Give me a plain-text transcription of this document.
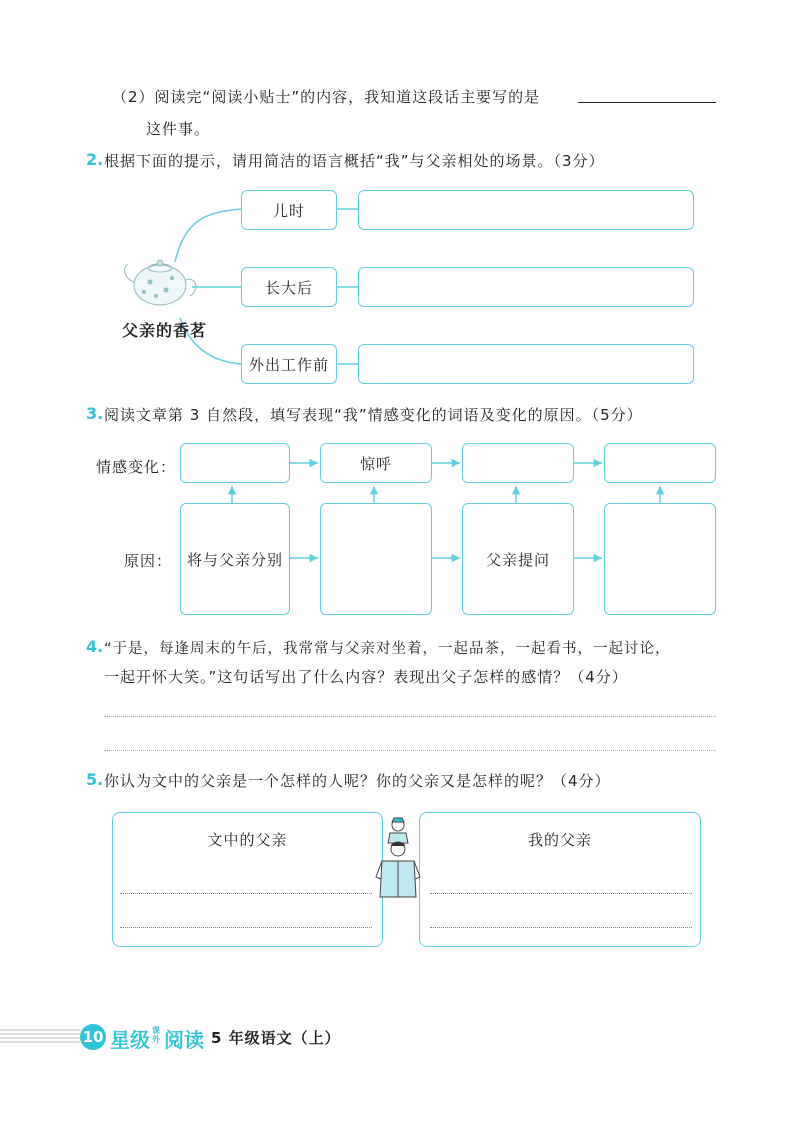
（2）阅读完“阅读小贴士”的内容，我知道这段话主要写的是
这件事。
2. 根据下面的提示，请用简洁的语言概括“我”与父亲相处的场景。（3分）
父亲的香茗
儿时
长大后
外出工作前
3. 阅读文章第 3 自然段，填写表现“我”情感变化的词语及变化的原因。（5分）
情感变化：
原因：
惊呼
将与父亲分别	父亲提问
4. “于是，每逢周末的午后，我常常与父亲对坐着，一起品茶，一起看书，一起讨论，
一起开怀大笑。”这句话写出了什么内容？表现出父子怎样的感情？（4分）
5. 你认为文中的父亲是一个怎样的人呢？你的父亲又是怎样的呢？（4分）
文中的父亲	我的父亲
10 星级 课外 阅读 5 年级语文（上）
